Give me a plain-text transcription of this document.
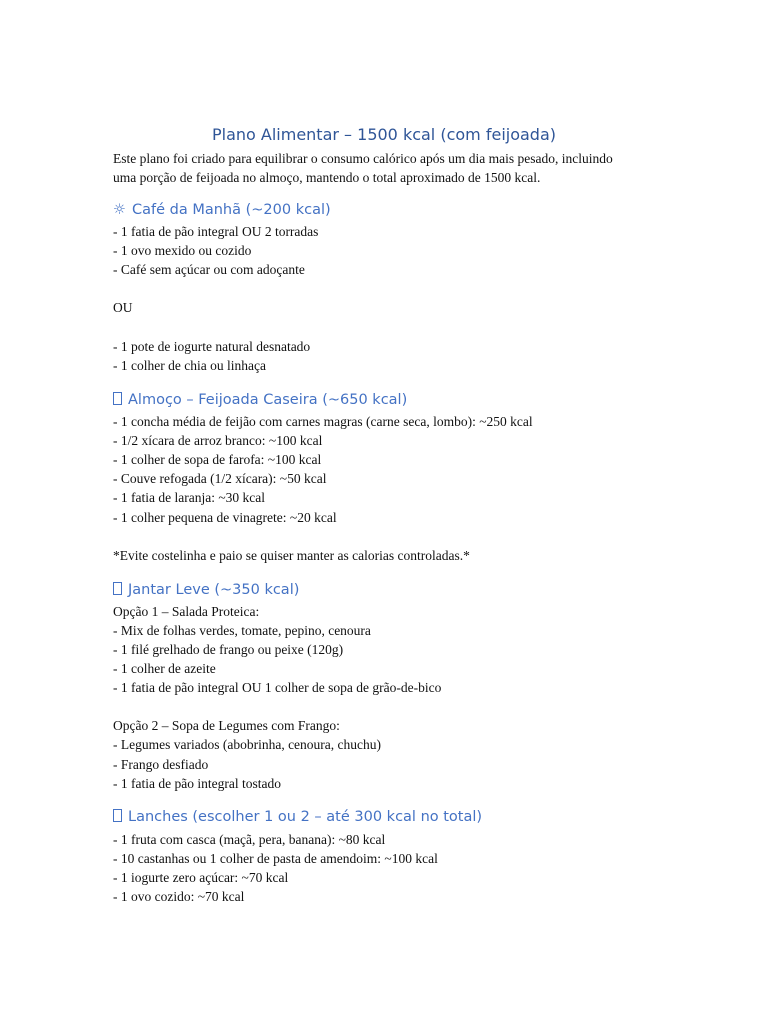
Plano Alimentar – 1500 kcal (com feijoada)
Este plano foi criado para equilibrar o consumo calórico após um dia mais pesado, incluindo
uma porção de feijoada no almoço, mantendo o total aproximado de 1500 kcal.
☼ Café da Manhã (~200 kcal)
- 1 fatia de pão integral OU 2 torradas
- 1 ovo mexido ou cozido
- Café sem açúcar ou com adoçante
OU
- 1 pote de iogurte natural desnatado
- 1 colher de chia ou linhaça
Almoço – Feijoada Caseira (~650 kcal)
- 1 concha média de feijão com carnes magras (carne seca, lombo): ~250 kcal
- 1/2 xícara de arroz branco: ~100 kcal
- 1 colher de sopa de farofa: ~100 kcal
- Couve refogada (1/2 xícara): ~50 kcal
- 1 fatia de laranja: ~30 kcal
- 1 colher pequena de vinagrete: ~20 kcal
*Evite costelinha e paio se quiser manter as calorias controladas.*
Jantar Leve (~350 kcal)
Opção 1 – Salada Proteica:
- Mix de folhas verdes, tomate, pepino, cenoura
- 1 filé grelhado de frango ou peixe (120g)
- 1 colher de azeite
- 1 fatia de pão integral OU 1 colher de sopa de grão-de-bico
Opção 2 – Sopa de Legumes com Frango:
- Legumes variados (abobrinha, cenoura, chuchu)
- Frango desfiado
- 1 fatia de pão integral tostado
Lanches (escolher 1 ou 2 – até 300 kcal no total)
- 1 fruta com casca (maçã, pera, banana): ~80 kcal
- 10 castanhas ou 1 colher de pasta de amendoim: ~100 kcal
- 1 iogurte zero açúcar: ~70 kcal
- 1 ovo cozido: ~70 kcal
